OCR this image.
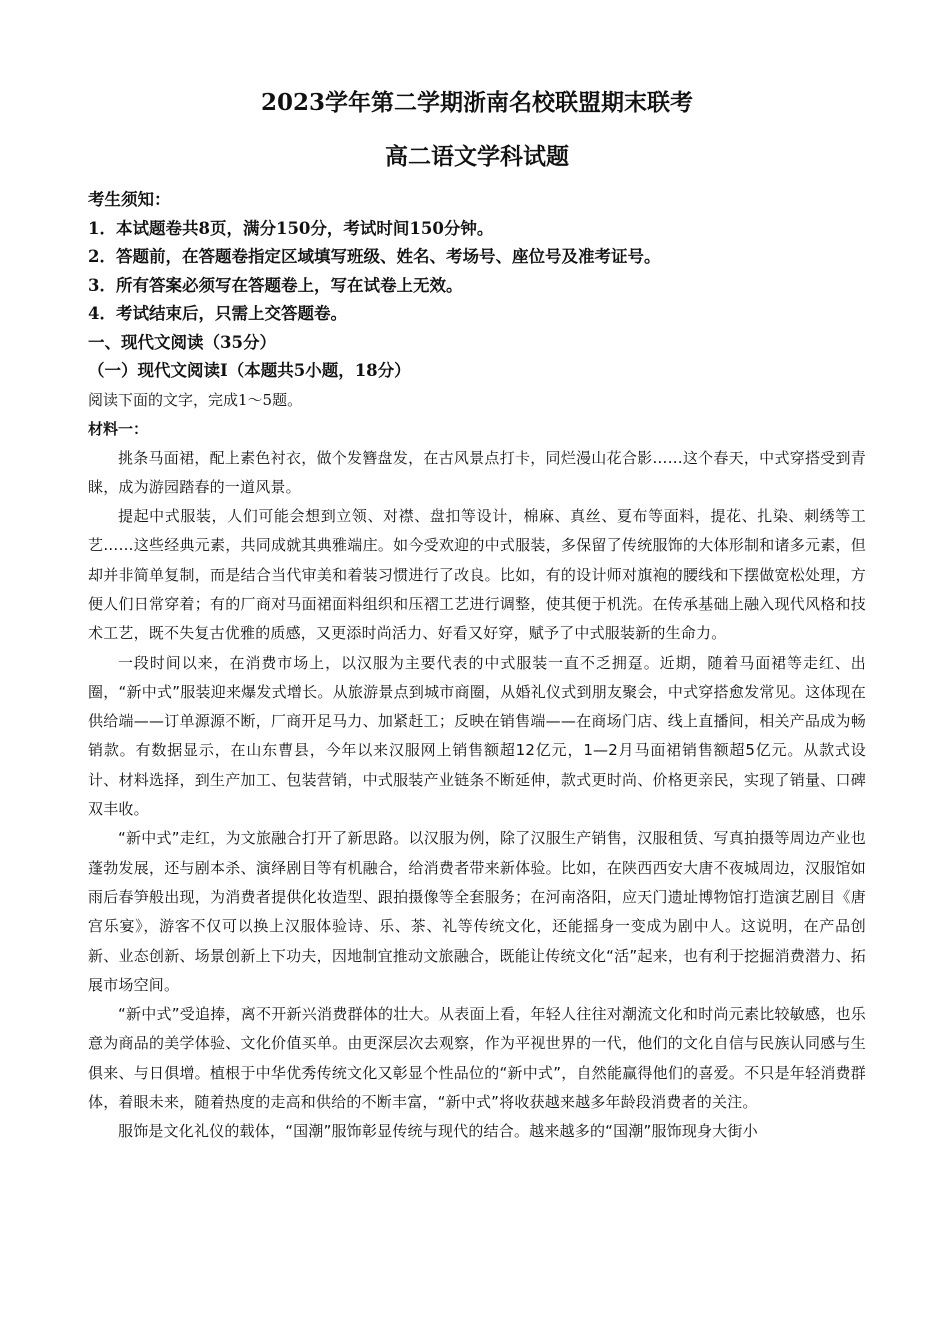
2023学年第二学期浙南名校联盟期末联考

高二语文学科试题

考生须知：

1．本试题卷共8页，满分150分，考试时间150分钟。

2．答题前，在答题卷指定区域填写班级、姓名、考场号、座位号及准考证号。

3．所有答案必须写在答题卷上，写在试卷上无效。

4．考试结束后，只需上交答题卷。

一、现代文阅读（35分）

（一）现代文阅读Ⅰ（本题共5小题，18分）

阅读下面的文字，完成1～5题。

材料一：

挑条马面裙，配上素色衬衣，做个发簪盘发，在古风景点打卡，同烂漫山花合影……这个春天，中式穿搭受到青睐，成为游园踏春的一道风景。

提起中式服装，人们可能会想到立领、对襟、盘扣等设计，棉麻、真丝、夏布等面料，提花、扎染、刺绣等工艺……这些经典元素，共同成就其典雅端庄。如今受欢迎的中式服装，多保留了传统服饰的大体形制和诸多元素，但却并非简单复制，而是结合当代审美和着装习惯进行了改良。比如，有的设计师对旗袍的腰线和下摆做宽松处理，方便人们日常穿着；有的厂商对马面裙面料组织和压褶工艺进行调整，使其便于机洗。在传承基础上融入现代风格和技术工艺，既不失复古优雅的质感，又更添时尚活力、好看又好穿，赋予了中式服装新的生命力。

一段时间以来，在消费市场上，以汉服为主要代表的中式服装一直不乏拥趸。近期，随着马面裙等走红、出圈，“新中式”服装迎来爆发式增长。从旅游景点到城市商圈，从婚礼仪式到朋友聚会，中式穿搭愈发常见。这体现在供给端——订单源源不断，厂商开足马力、加紧赶工；反映在销售端——在商场门店、线上直播间，相关产品成为畅销款。有数据显示，在山东曹县，今年以来汉服网上销售额超12亿元，1—2月马面裙销售额超5亿元。从款式设计、材料选择，到生产加工、包装营销，中式服装产业链条不断延伸，款式更时尚、价格更亲民，实现了销量、口碑双丰收。

“新中式”走红，为文旅融合打开了新思路。以汉服为例，除了汉服生产销售，汉服租赁、写真拍摄等周边产业也蓬勃发展，还与剧本杀、演绎剧目等有机融合，给消费者带来新体验。比如，在陕西西安大唐不夜城周边，汉服馆如雨后春笋般出现，为消费者提供化妆造型、跟拍摄像等全套服务；在河南洛阳，应天门遗址博物馆打造演艺剧目《唐宫乐宴》，游客不仅可以换上汉服体验诗、乐、茶、礼等传统文化，还能摇身一变成为剧中人。这说明，在产品创新、业态创新、场景创新上下功夫，因地制宜推动文旅融合，既能让传统文化“活”起来，也有利于挖掘消费潜力、拓展市场空间。

“新中式”受追捧，离不开新兴消费群体的壮大。从表面上看，年轻人往往对潮流文化和时尚元素比较敏感，也乐意为商品的美学体验、文化价值买单。由更深层次去观察，作为平视世界的一代，他们的文化自信与民族认同感与生俱来、与日俱增。植根于中华优秀传统文化又彰显个性品位的“新中式”，自然能赢得他们的喜爱。不只是年轻消费群体，着眼未来，随着热度的走高和供给的不断丰富，“新中式”将收获越来越多年龄段消费者的关注。

服饰是文化礼仪的载体，“国潮”服饰彰显传统与现代的结合。越来越多的“国潮”服饰现身大街小
